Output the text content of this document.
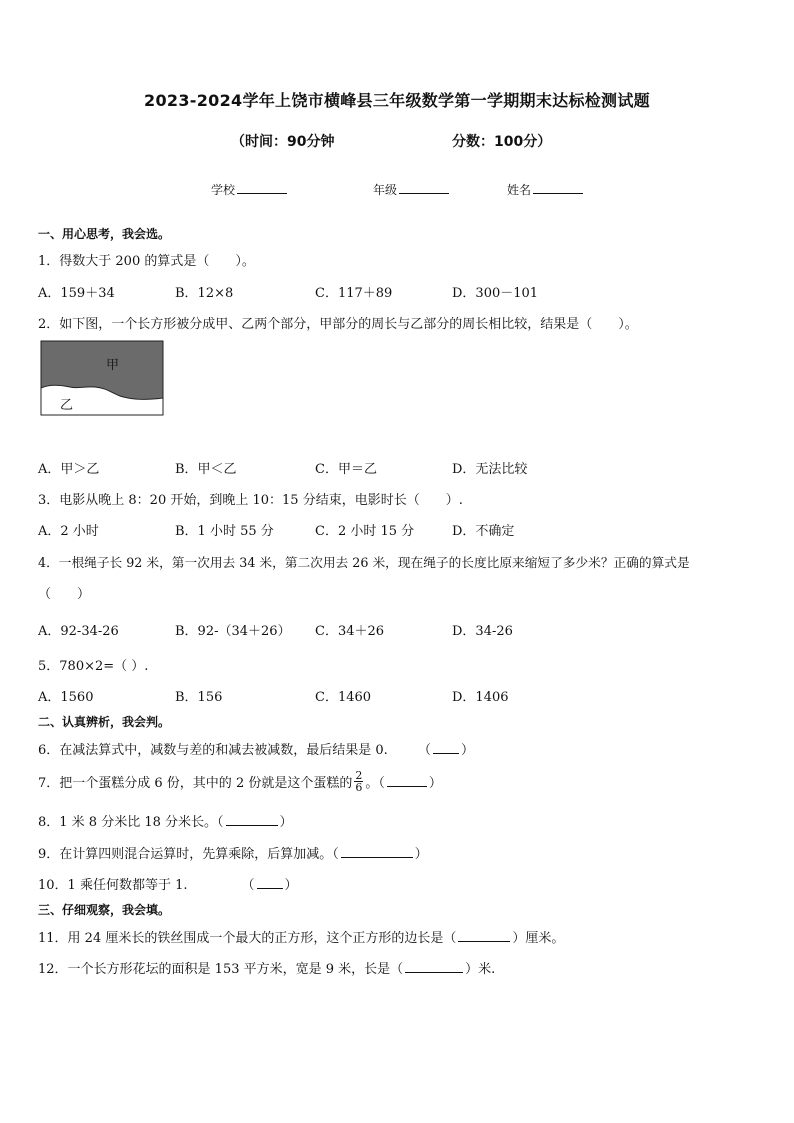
2023-2024学年上饶市横峰县三年级数学第一学期期末达标检测试题
（时间：90分钟	分数：100分）
学校	年级	姓名
一、用心思考，我会选。
1．得数大于 200 的算式是（　　）。
A．159＋34	B．12×8	C．117＋89	D．300－101
2．如下图，一个长方形被分成甲、乙两个部分，甲部分的周长与乙部分的周长相比较，结果是（　　）。
甲
乙
A．甲＞乙	B．甲＜乙	C．甲＝乙	D．无法比较
3．电影从晚上 8：20 开始，到晚上 10：15 分结束，电影时长（　　）.
A．2 小时	B．1 小时 55 分	C．2 小时 15 分	D．不确定
4．一根绳子长 92 米，第一次用去 34 米，第二次用去 26 米，现在绳子的长度比原来缩短了多少米？正确的算式是
（　　）
A．92-34-26	B．92-（34＋26） C．34＋26	D．34-26
5．780×2=（ ）.
A．1560	B．156	C．1460	D．1406
二、认真辨析，我会判。
6．在减法算式中，减数与差的和减去被减数，最后结果是 0. （ ）
7．把一个蛋糕分成 6 份，其中的 2 份就是这个蛋糕的 $\frac{2}{6}$ 。（	）
8．1 米 8 分米比 18 分米长。（	）
9．在计算四则混合运算时，先算乘除，后算加减。（	）
10．1 乘任何数都等于 1.	（ ）
三、仔细观察，我会填。
11．用 24 厘米长的铁丝围成一个最大的正方形，这个正方形的边长是（	）厘米。
12．一个长方形花坛的面积是 153 平方米，宽是 9 米，长是（	）米.
